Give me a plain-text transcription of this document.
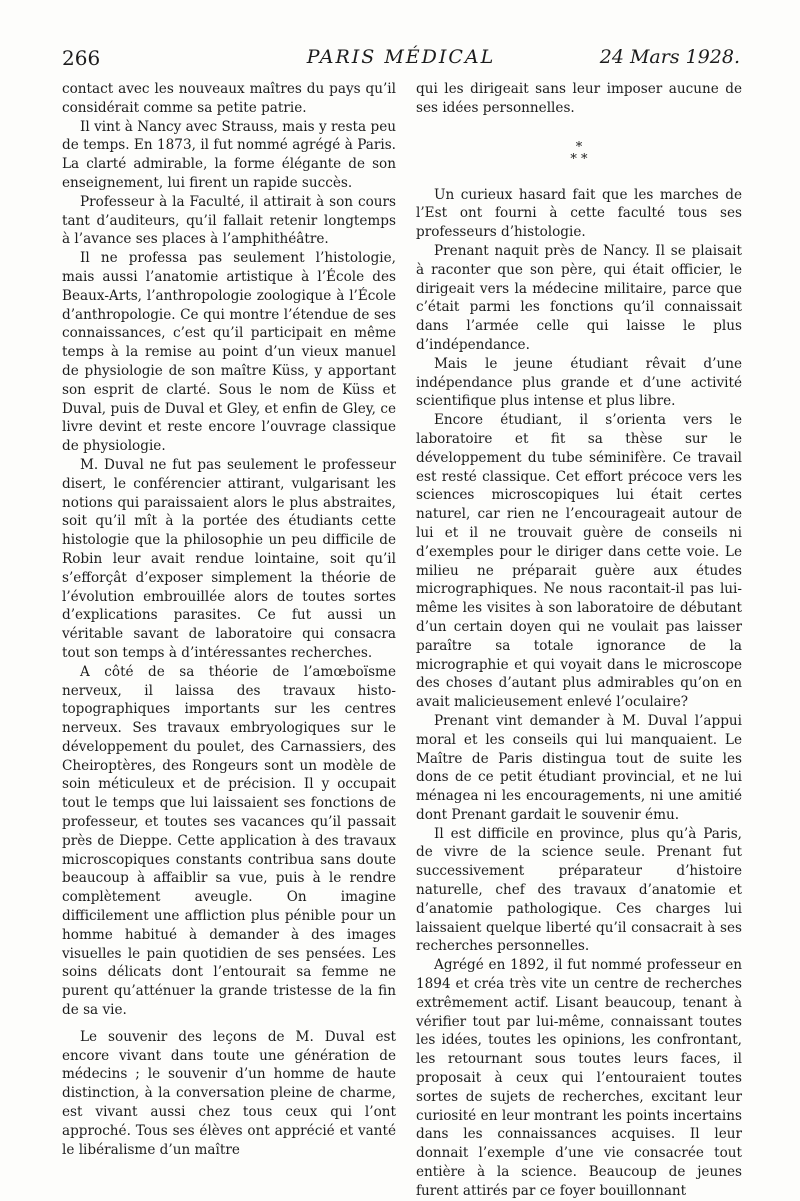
266	PARIS MÉDICAL	24 Mars 1928.

contact avec les nouveaux maîtres du pays qu’il considérait comme sa petite patrie.

Il vint à Nancy avec Strauss, mais y resta peu de temps. En 1873, il fut nommé agrégé à Paris. La clarté admirable, la forme élégante de son enseignement, lui firent un rapide succès.

Professeur à la Faculté, il attirait à son cours tant d’auditeurs, qu’il fallait retenir longtemps à l’avance ses places à l’amphithéâtre.

Il ne professa pas seulement l’histologie, mais aussi l’anatomie artistique à l’École des Beaux-Arts, l’anthropologie zoologique à l’École d’anthropologie. Ce qui montre l’étendue de ses connaissances, c’est qu’il participait en même temps à la remise au point d’un vieux manuel de physiologie de son maître Küss, y apportant son esprit de clarté. Sous le nom de Küss et Duval, puis de Duval et Gley, et enfin de Gley, ce livre devint et reste encore l’ouvrage classique de physiologie.

M. Duval ne fut pas seulement le professeur disert, le conférencier attirant, vulgarisant les notions qui paraissaient alors le plus abstraites, soit qu’il mît à la portée des étudiants cette histologie que la philosophie un peu difficile de Robin leur avait rendue lointaine, soit qu’il s’efforçât d’exposer simplement la théorie de l’évolution embrouillée alors de toutes sortes d’explications parasites. Ce fut aussi un véritable savant de laboratoire qui consacra tout son temps à d’intéressantes recherches.

A côté de sa théorie de l’amœboïsme nerveux, il laissa des travaux histo-topographiques importants sur les centres nerveux. Ses travaux embryologiques sur le développement du poulet, des Carnassiers, des Cheiroptères, des Rongeurs sont un modèle de soin méticuleux et de précision. Il y occupait tout le temps que lui laissaient ses fonctions de professeur, et toutes ses vacances qu’il passait près de Dieppe. Cette application à des travaux microscopiques constants contribua sans doute beaucoup à affaiblir sa vue, puis à le rendre complètement aveugle. On imagine difficilement une affliction plus pénible pour un homme habitué à demander à des images visuelles le pain quotidien de ses pensées. Les soins délicats dont l’entourait sa femme ne purent qu’atténuer la grande tristesse de la fin de sa vie.

Le souvenir des leçons de M. Duval est encore vivant dans toute une génération de médecins ; le souvenir d’un homme de haute distinction, à la conversation pleine de charme, est vivant aussi chez tous ceux qui l’ont approché. Tous ses élèves ont apprécié et vanté le libéralisme d’un maître

qui les dirigeait sans leur imposer aucune de ses idées personnelles.

*
* *

Un curieux hasard fait que les marches de l’Est ont fourni à cette faculté tous ses professeurs d’histologie.

Prenant naquit près de Nancy. Il se plaisait à raconter que son père, qui était officier, le dirigeait vers la médecine militaire, parce que c’était parmi les fonctions qu’il connaissait dans l’armée celle qui laisse le plus d’indépendance.

Mais le jeune étudiant rêvait d’une indépendance plus grande et d’une activité scientifique plus intense et plus libre.

Encore étudiant, il s’orienta vers le laboratoire et fit sa thèse sur le développement du tube séminifère. Ce travail est resté classique. Cet effort précoce vers les sciences microscopiques lui était certes naturel, car rien ne l’encourageait autour de lui et il ne trouvait guère de conseils ni d’exemples pour le diriger dans cette voie. Le milieu ne préparait guère aux études micrographiques. Ne nous racontait-il pas lui-même les visites à son laboratoire de débutant d’un certain doyen qui ne voulait pas laisser paraître sa totale ignorance de la micrographie et qui voyait dans le microscope des choses d’autant plus admirables qu’on en avait malicieusement enlevé l’oculaire?

Prenant vint demander à M. Duval l’appui moral et les conseils qui lui manquaient. Le Maître de Paris distingua tout de suite les dons de ce petit étudiant provincial, et ne lui ménagea ni les encouragements, ni une amitié dont Prenant gardait le souvenir ému.

Il est difficile en province, plus qu’à Paris, de vivre de la science seule. Prenant fut successivement préparateur d’histoire naturelle, chef des travaux d’anatomie et d’anatomie pathologique. Ces charges lui laissaient quelque liberté qu’il consacrait à ses recherches personnelles.

Agrégé en 1892, il fut nommé professeur en 1894 et créa très vite un centre de recherches extrêmement actif. Lisant beaucoup, tenant à vérifier tout par lui-même, connaissant toutes les idées, toutes les opinions, les confrontant, les retournant sous toutes leurs faces, il proposait à ceux qui l’entouraient toutes sortes de sujets de recherches, excitant leur curiosité en leur montrant les points incertains dans les connaissances acquises. Il leur donnait l’exemple d’une vie consacrée tout entière à la science. Beaucoup de jeunes furent attirés par ce foyer bouillonnant
